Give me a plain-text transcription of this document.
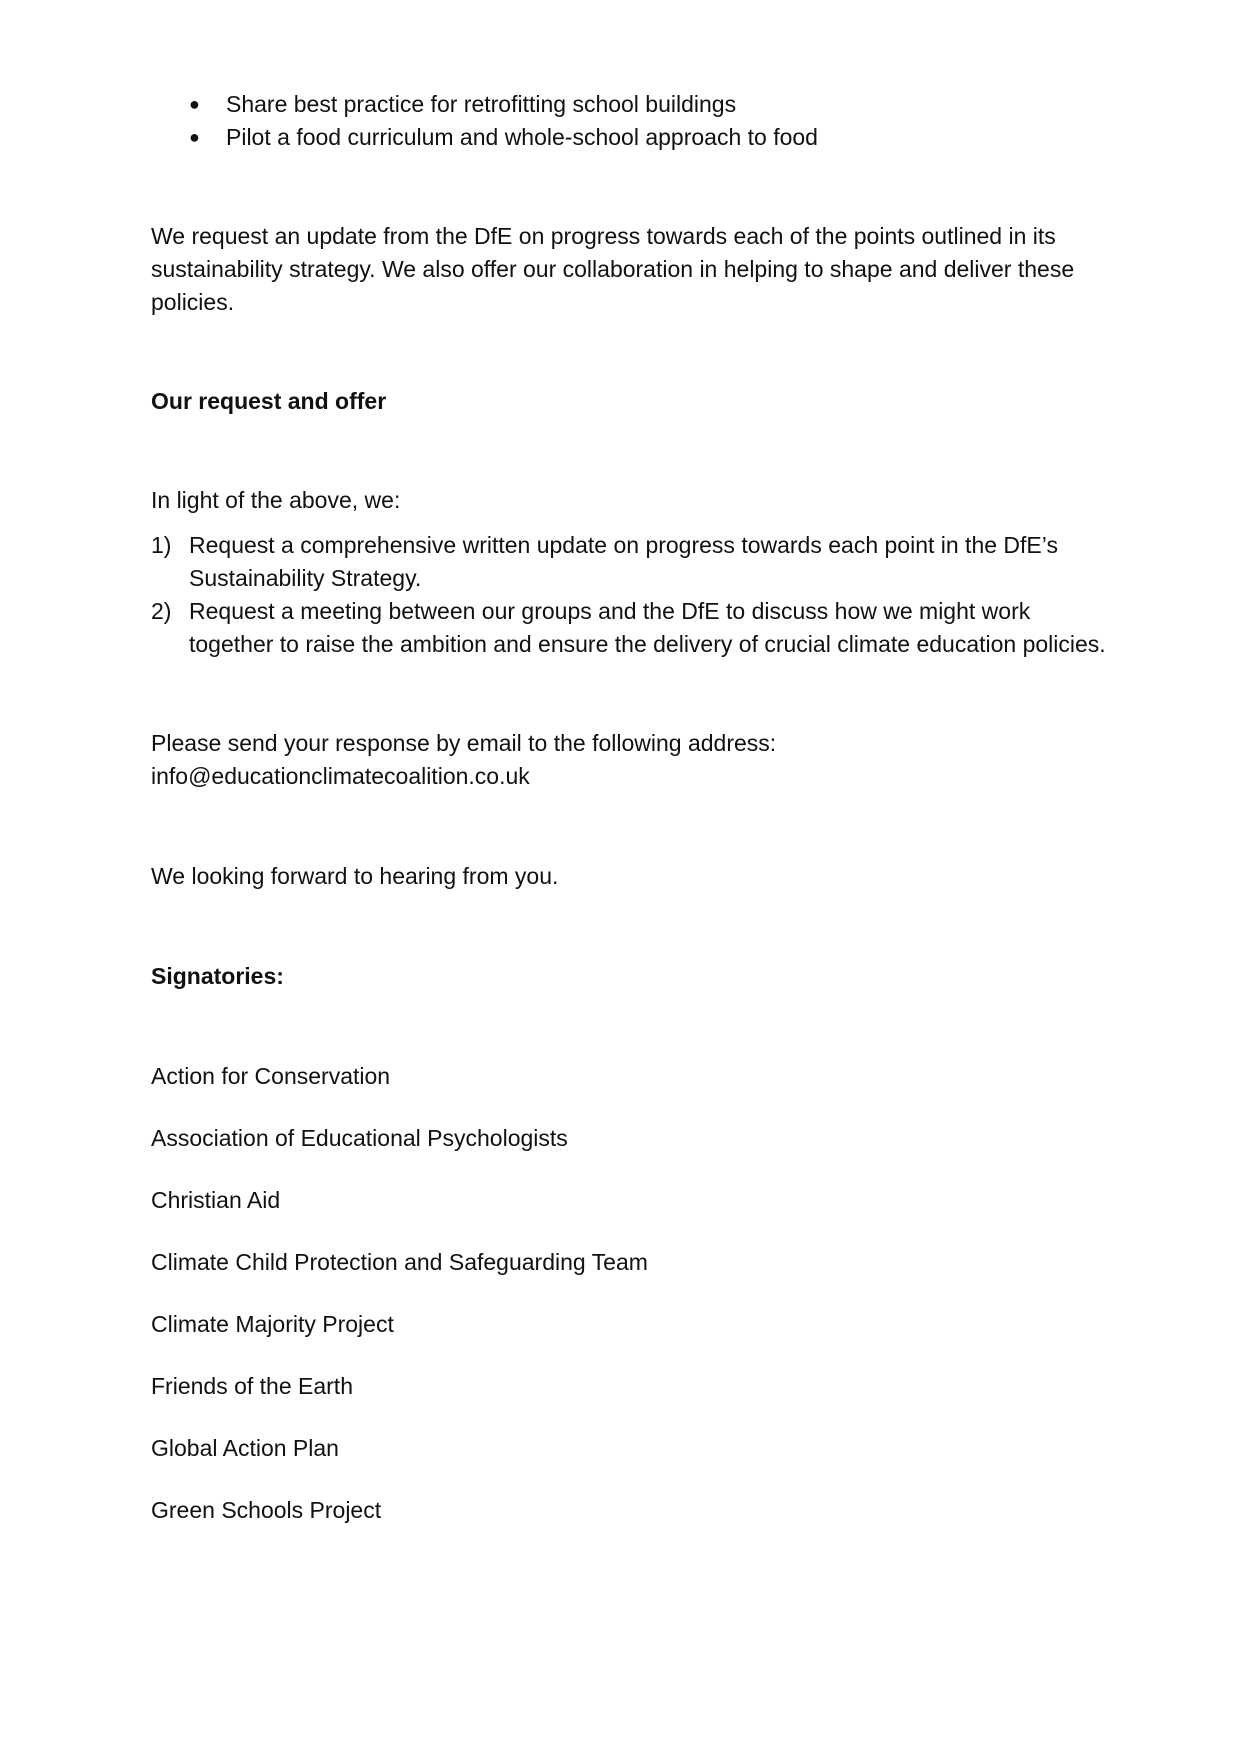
● Share best practice for retrofitting school buildings
● Pilot a food curriculum and whole-school approach to food

We request an update from the DfE on progress towards each of the points outlined in its sustainability strategy. We also offer our collaboration in helping to shape and deliver these policies.

Our request and offer

In light of the above, we:

1) Request a comprehensive written update on progress towards each point in the DfE’s Sustainability Strategy.
2) Request a meeting between our groups and the DfE to discuss how we might work together to raise the ambition and ensure the delivery of crucial climate education policies.

Please send your response by email to the following address:
info@educationclimatecoalition.co.uk

We looking forward to hearing from you.

Signatories:

Action for Conservation
Association of Educational Psychologists
Christian Aid
Climate Child Protection and Safeguarding Team
Climate Majority Project
Friends of the Earth
Global Action Plan
Green Schools Project
